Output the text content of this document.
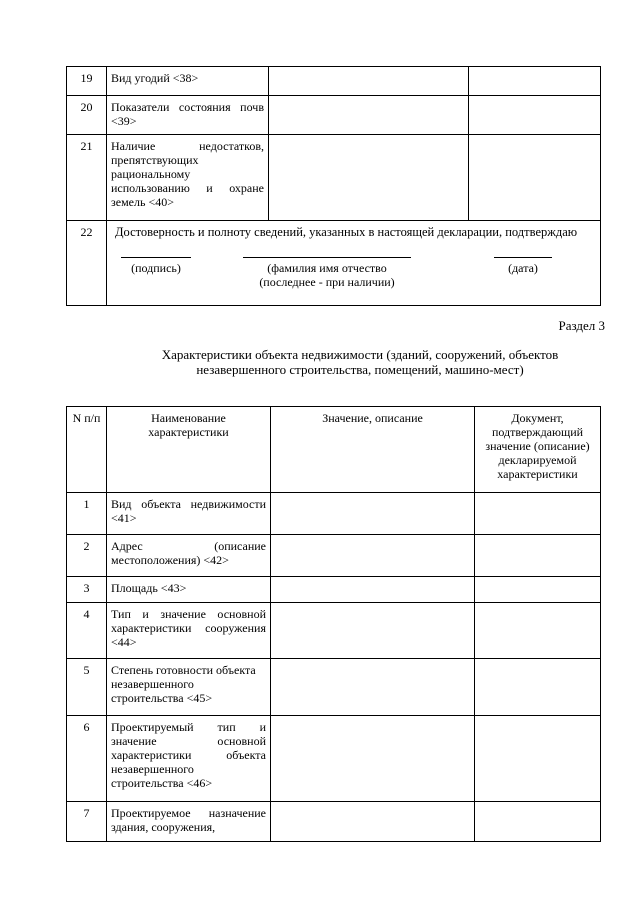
19	Вид угодий <38>		
20	Показатели состояния почв <39>		
21	Наличие недостатков, препятствующих рациональному использованию и охране земель <40>		
22	Достоверность и полноту сведений, указанных в настоящей декларации, подтверждаю
(подпись) (фамилия имя отчество
(последнее - при наличии)
(дата)		
Раздел 3
Характеристики объекта недвижимости (зданий, сооружений, объектов незавершенного строительства, помещений, машино-мест)
N п/п	Наименование характеристики	Значение, описание	Документ, подтверждающий значение (описание) декларируемой характеристики
1	Вид объекта недвижимости <41>		
2	Адрес (описание местоположения) <42>		
3	Площадь <43>		
4	Тип и значение основной характеристики сооружения <44>		
5	Степень готовности объекта незавершенного строительства <45>		
6	Проектируемый тип и значение основной характеристики объекта незавершенного строительства <46>		
7	Проектируемое назначение здания, сооружения,		
